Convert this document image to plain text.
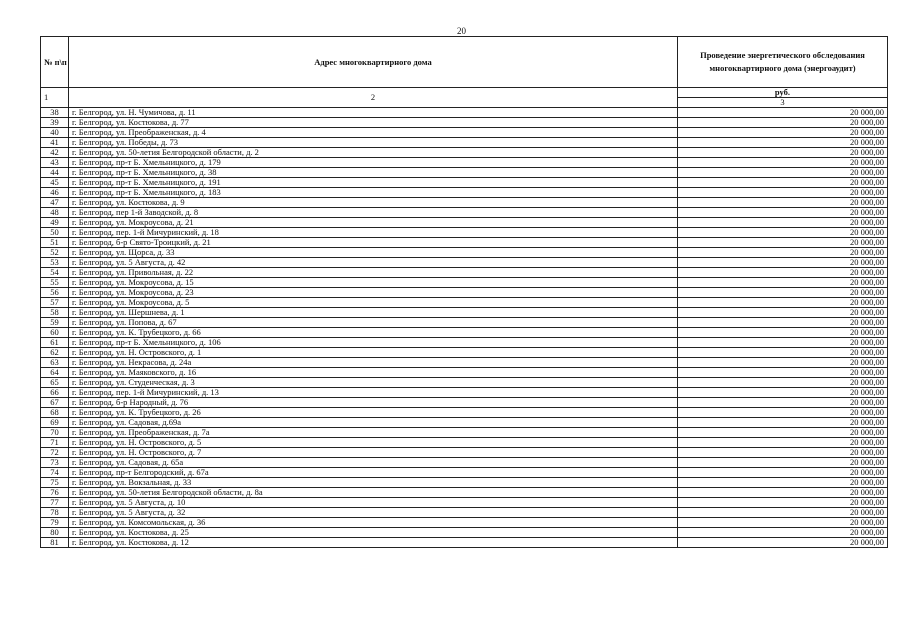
20
№ п\п	Адрес многоквартирного дома	Проведение энергетического обследования многоквартирного дома (энергоаудит)
1	2	руб.
3
38	г. Белгород, ул. Н. Чумичова, д. 11	20 000,00
39	г. Белгород, ул. Костюкова, д. 77	20 000,00
40	г. Белгород, ул. Преображенская, д. 4	20 000,00
41	г. Белгород, ул. Победы, д. 73	20 000,00
42	г. Белгород, ул. 50-летия Белгородской области, д. 2	20 000,00
43	г. Белгород, пр-т Б. Хмельницкого, д. 179	20 000,00
44	г. Белгород, пр-т Б. Хмельницкого, д. 38	20 000,00
45	г. Белгород, пр-т Б. Хмельницкого, д. 191	20 000,00
46	г. Белгород, пр-т Б. Хмельницкого, д. 183	20 000,00
47	г. Белгород, ул. Костюкова, д. 9	20 000,00
48	г. Белгород, пер 1-й Заводской, д. 8	20 000,00
49	г. Белгород, ул. Мокроусова, д. 21	20 000,00
50	г. Белгород, пер. 1-й Мичуринский, д. 18	20 000,00
51	г. Белгород, б-р Свято-Троицкий, д. 21	20 000,00
52	г. Белгород, ул. Щорса, д. 33	20 000,00
53	г. Белгород, ул. 5 Августа, д. 42	20 000,00
54	г. Белгород, ул. Привольная, д. 22	20 000,00
55	г. Белгород, ул. Мокроусова, д. 15	20 000,00
56	г. Белгород, ул. Мокроусова, д. 23	20 000,00
57	г. Белгород, ул. Мокроусова, д. 5	20 000,00
58	г. Белгород, ул. Шершнева, д. 1	20 000,00
59	г. Белгород, ул. Попова, д. 67	20 000,00
60	г. Белгород, ул. К. Трубецкого, д. 66	20 000,00
61	г. Белгород, пр-т Б. Хмельницкого, д. 106	20 000,00
62	г. Белгород, ул. Н. Островского, д. 1	20 000,00
63	г. Белгород, ул. Некрасова, д. 24а	20 000,00
64	г. Белгород, ул. Маяковского, д. 16	20 000,00
65	г. Белгород, ул. Студенческая, д. 3	20 000,00
66	г. Белгород, пер. 1-й Мичуринский, д. 13	20 000,00
67	г. Белгород, б-р Народный, д. 76	20 000,00
68	г. Белгород, ул. К. Трубецкого, д. 26	20 000,00
69	г. Белгород, ул. Садовая, д.69а	20 000,00
70	г. Белгород, ул. Преображенская, д. 7а	20 000,00
71	г. Белгород, ул. Н. Островского, д. 5	20 000,00
72	г. Белгород, ул. Н. Островского, д. 7	20 000,00
73	г. Белгород, ул. Садовая, д. 65а	20 000,00
74	г. Белгород, пр-т Белгородский, д. 67а	20 000,00
75	г. Белгород, ул. Вокзальная, д. 33	20 000,00
76	г. Белгород, ул. 50-летия Белгородской области, д. 8а	20 000,00
77	г. Белгород, ул. 5 Августа, д. 10	20 000,00
78	г. Белгород, ул. 5 Августа, д. 32	20 000,00
79	г. Белгород, ул. Комсомольская, д. 36	20 000,00
80	г. Белгород, ул. Костюкова, д. 25	20 000,00
81	г. Белгород, ул. Костюкова, д. 12	20 000,00
